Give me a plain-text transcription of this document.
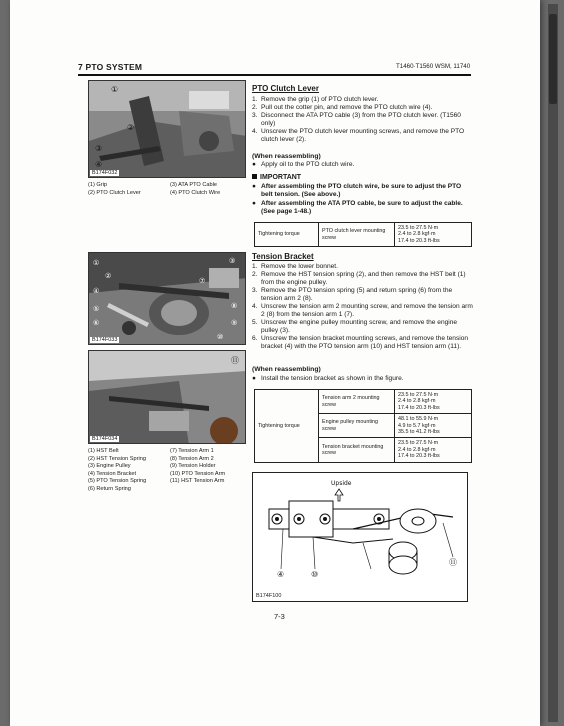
7 PTO SYSTEM	T1460·T1560 WSM, 11740
①
②
③
④
B174F032
(1) Grip
(2) PTO Clutch Lever
(3) ATA PTO Cable
(4) PTO Clutch Wire
①
②
③
④
⑤
⑥
⑦
⑧
⑨
⑩
B174F033
⑪
B174F034
(1) HST Belt
(2) HST Tension Spring
(3) Engine Pulley
(4) Tension Bracket
(5) PTO Tension Spring
(6) Return Spring
(7) Tension Arm 1
(8) Tension Arm 2
(9) Tension Holder
(10) PTO Tension Arm
(11) HST Tension Arm
PTO Clutch Lever
1. Remove the grip (1) of PTO clutch lever.
2. Pull out the cotter pin, and remove the PTO clutch wire (4).
3. Disconnect the ATA PTO cable (3) from the PTO clutch lever. (T1560 only)
4. Unscrew the PTO clutch lever mounting screws, and remove the PTO clutch lever (2).
(When reassembling)
● Apply oil to the PTO clutch wire.
IMPORTANT
● After assembling the PTO clutch wire, be sure to adjust the PTO belt tension. (See above.)
● After assembling the ATA PTO cable, be sure to adjust the cable. (See page 1-48.)
Tightening torque	PTO clutch lever mounting screw	
23.5 to 27.5 N·m
2.4 to 2.8 kgf·m
17.4 to 20.3 ft-lbs
Tension Bracket
1. Remove the lower bonnet.
2. Remove the HST tension spring (2), and then remove the HST belt (1) from the engine pulley.
3. Remove the PTO tension spring (5) and return spring (6) from the tension arm 2 (8).
4. Unscrew the tension arm 2 mounting screw, and remove the tension arm 2 (8) from the tension arm 1 (7).
5. Unscrew the engine pulley mounting screw, and remove the engine pulley (3).
6. Unscrew the tension bracket mounting screws, and remove the tension bracket (4) with the PTO tension arm (10) and HST tension arm (11).
(When reassembling)
● Install the tension bracket as shown in the figure.
Tightening torque	Tension arm 2 mounting screw	23.5 to 27.5 N·m
2.4 to 2.8 kgf·m
17.4 to 20.3 ft-lbs

	Engine pulley mounting screw	48.1 to 55.9 N·m
4.9 to 5.7 kgf·m
35.5 to 41.2 ft-lbs

	Tension bracket mounting screw	23.5 to 27.5 N·m
2.4 to 2.8 kgf·m
17.4 to 20.3 ft-lbs
Upside
④	⑩
⑪
B174F100
7-3
